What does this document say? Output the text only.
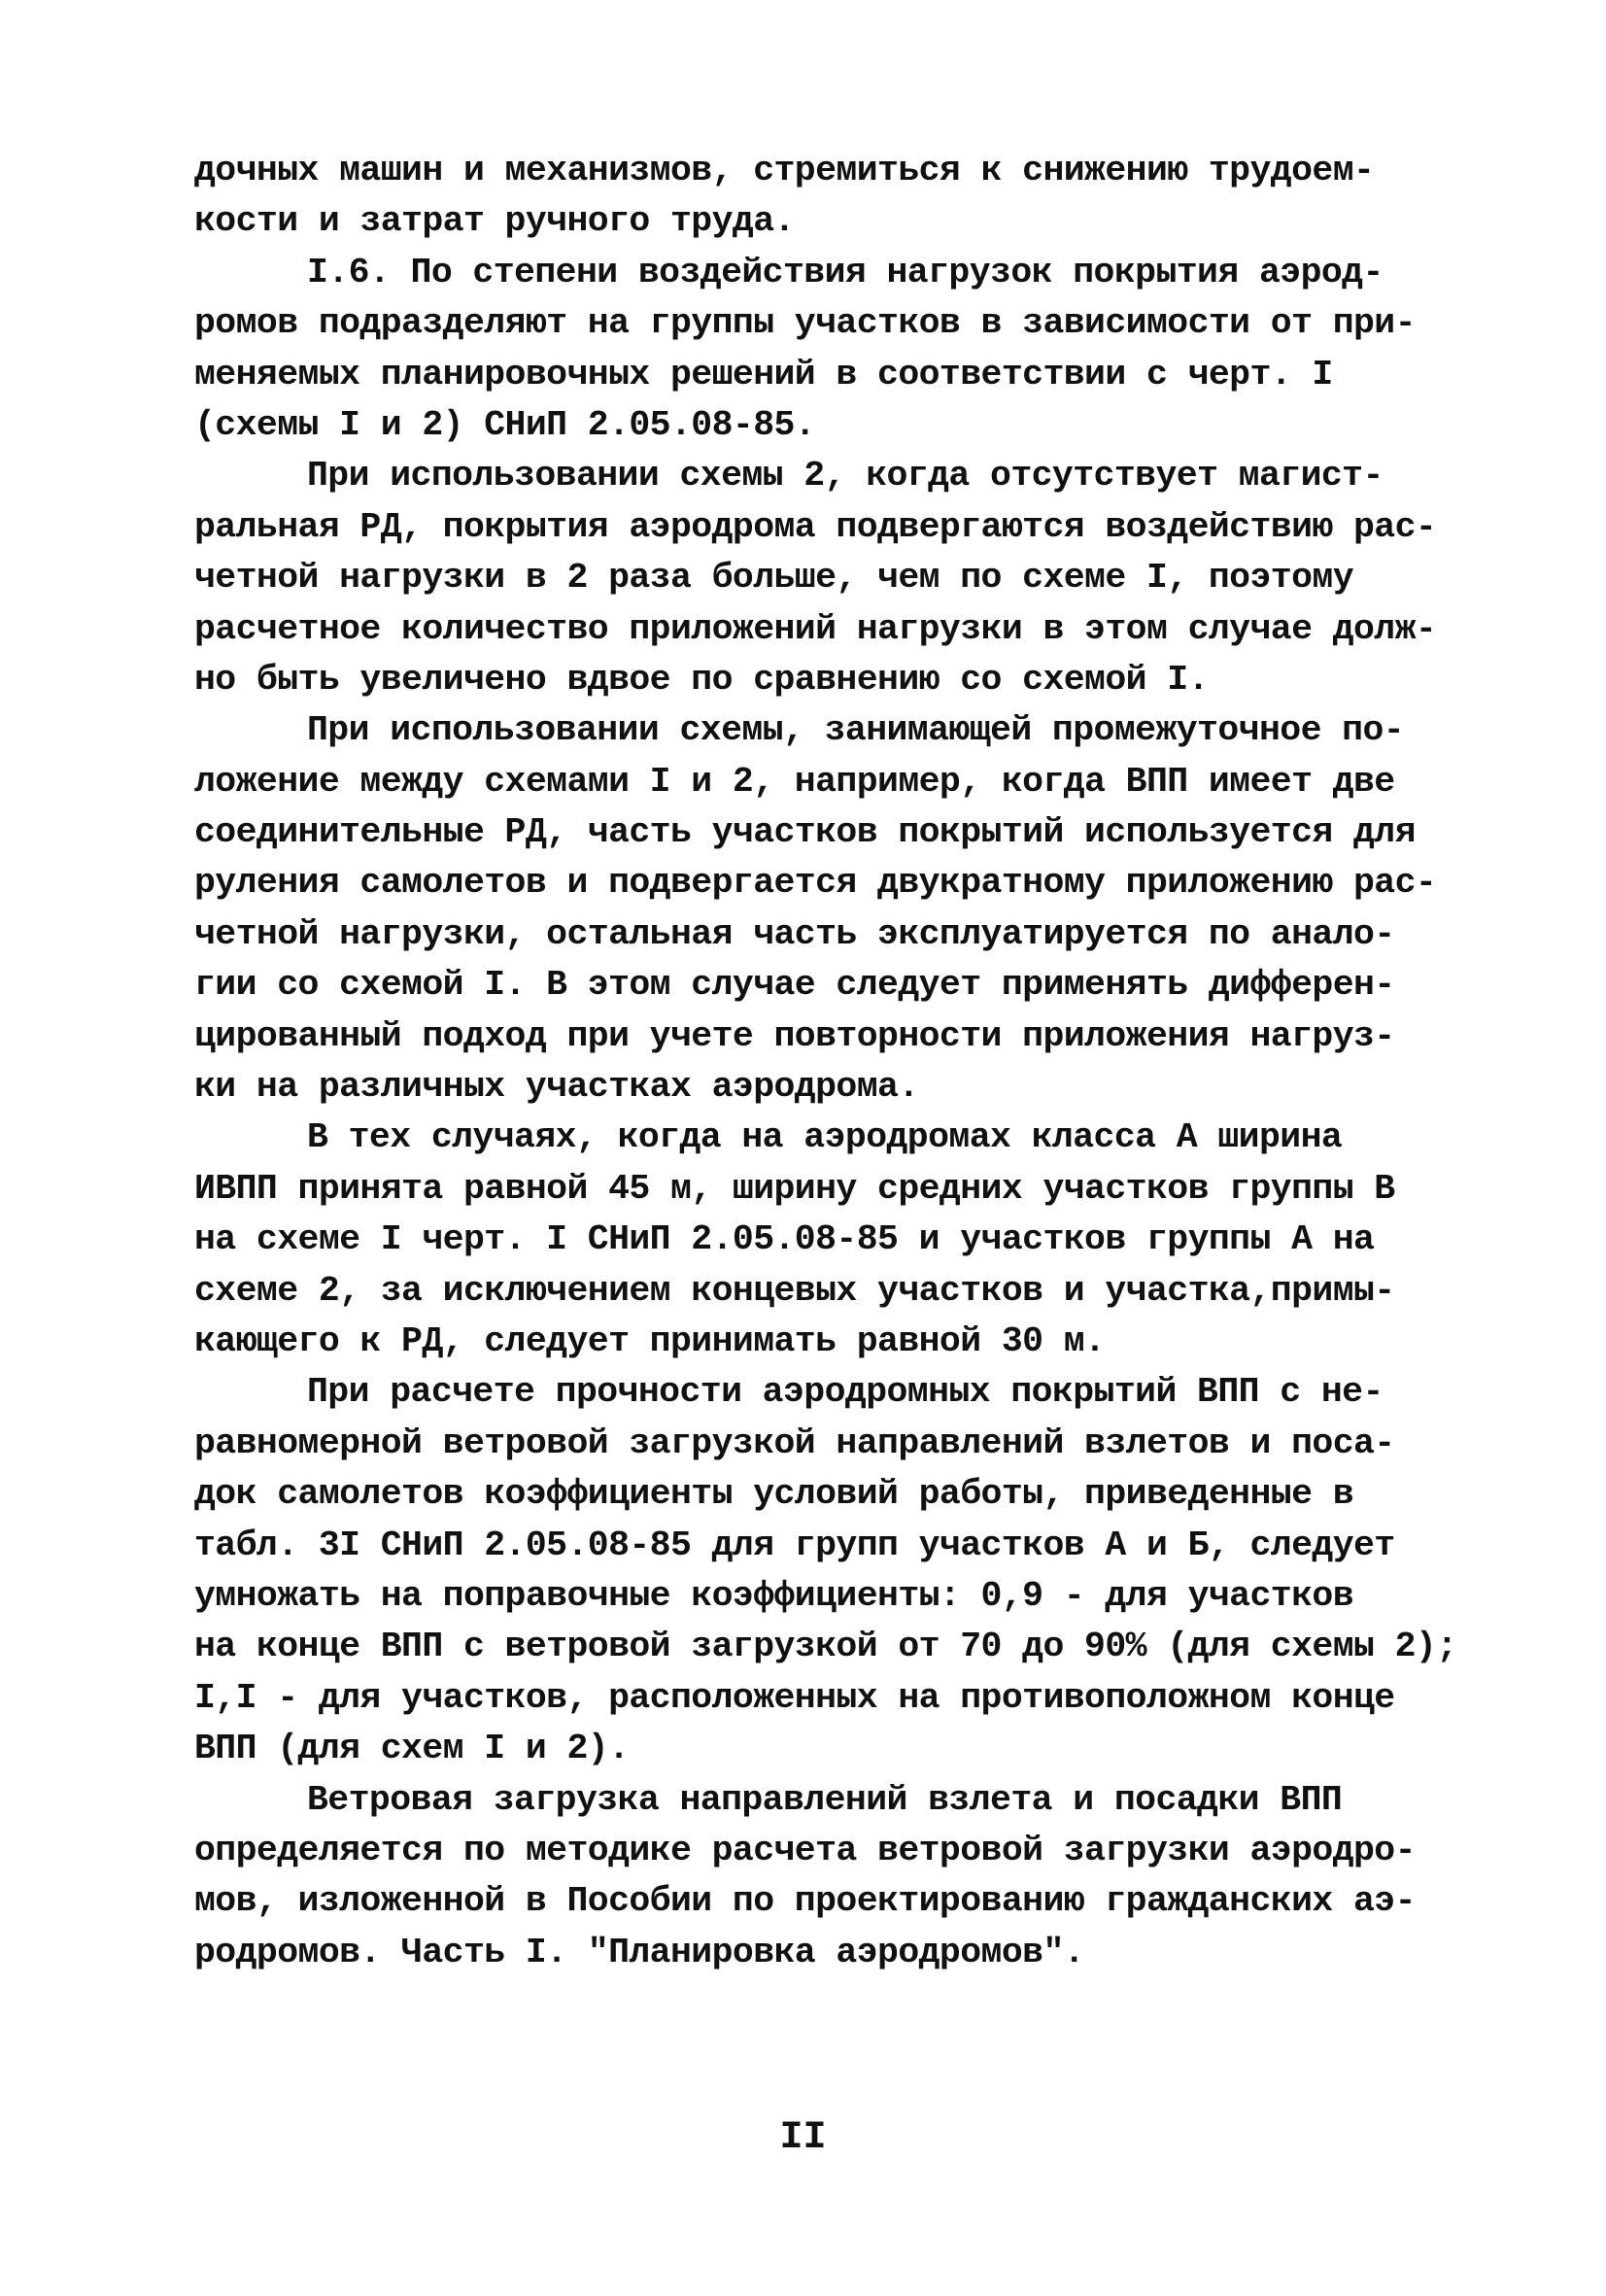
дочных машин и механизмов, стремиться к снижению трудоем-
кости и затрат ручного труда.
I.6. По степени воздействия нагрузок покрытия аэрод-
ромов подразделяют на группы участков в зависимости от при-
меняемых планировочных решений в соответствии с черт. I
(схемы I и 2) СНиП 2.05.08-85.
При использовании схемы 2, когда отсутствует магист-
ральная РД, покрытия аэродрома подвергаются воздействию рас-
четной нагрузки в 2 раза больше, чем по схеме I, поэтому
расчетное количество приложений нагрузки в этом случае долж-
но быть увеличено вдвое по сравнению со схемой I.
При использовании схемы, занимающей промежуточное по-
ложение между схемами I и 2, например, когда ВПП имеет две
соединительные РД, часть участков покрытий используется для
руления самолетов и подвергается двукратному приложению рас-
четной нагрузки, остальная часть эксплуатируется по анало-
гии со схемой I. В этом случае следует применять дифферен-
цированный подход при учете повторности приложения нагруз-
ки на различных участках аэродрома.
В тех случаях, когда на аэродромах класса А ширина
ИВПП принята равной 45 м, ширину средних участков группы В
на схеме I черт. I СНиП 2.05.08-85 и участков группы А на
схеме 2, за исключением концевых участков и участка,примы-
кающего к РД, следует принимать равной 30 м.
При расчете прочности аэродромных покрытий ВПП с не-
равномерной ветровой загрузкой направлений взлетов и поса-
док самолетов коэффициенты условий работы, приведенные в
табл. 3I СНиП 2.05.08-85 для групп участков А и Б, следует
умножать на поправочные коэффициенты: 0,9 - для участков
на конце ВПП с ветровой загрузкой от 70 до 90% (для схемы 2);
I,I - для участков, расположенных на противоположном конце
ВПП (для схем I и 2).
Ветровая загрузка направлений взлета и посадки ВПП
определяется по методике расчета ветровой загрузки аэродро-
мов, изложенной в Пособии по проектированию гражданских аэ-
родромов. Часть I. "Планировка аэродромов".
II
